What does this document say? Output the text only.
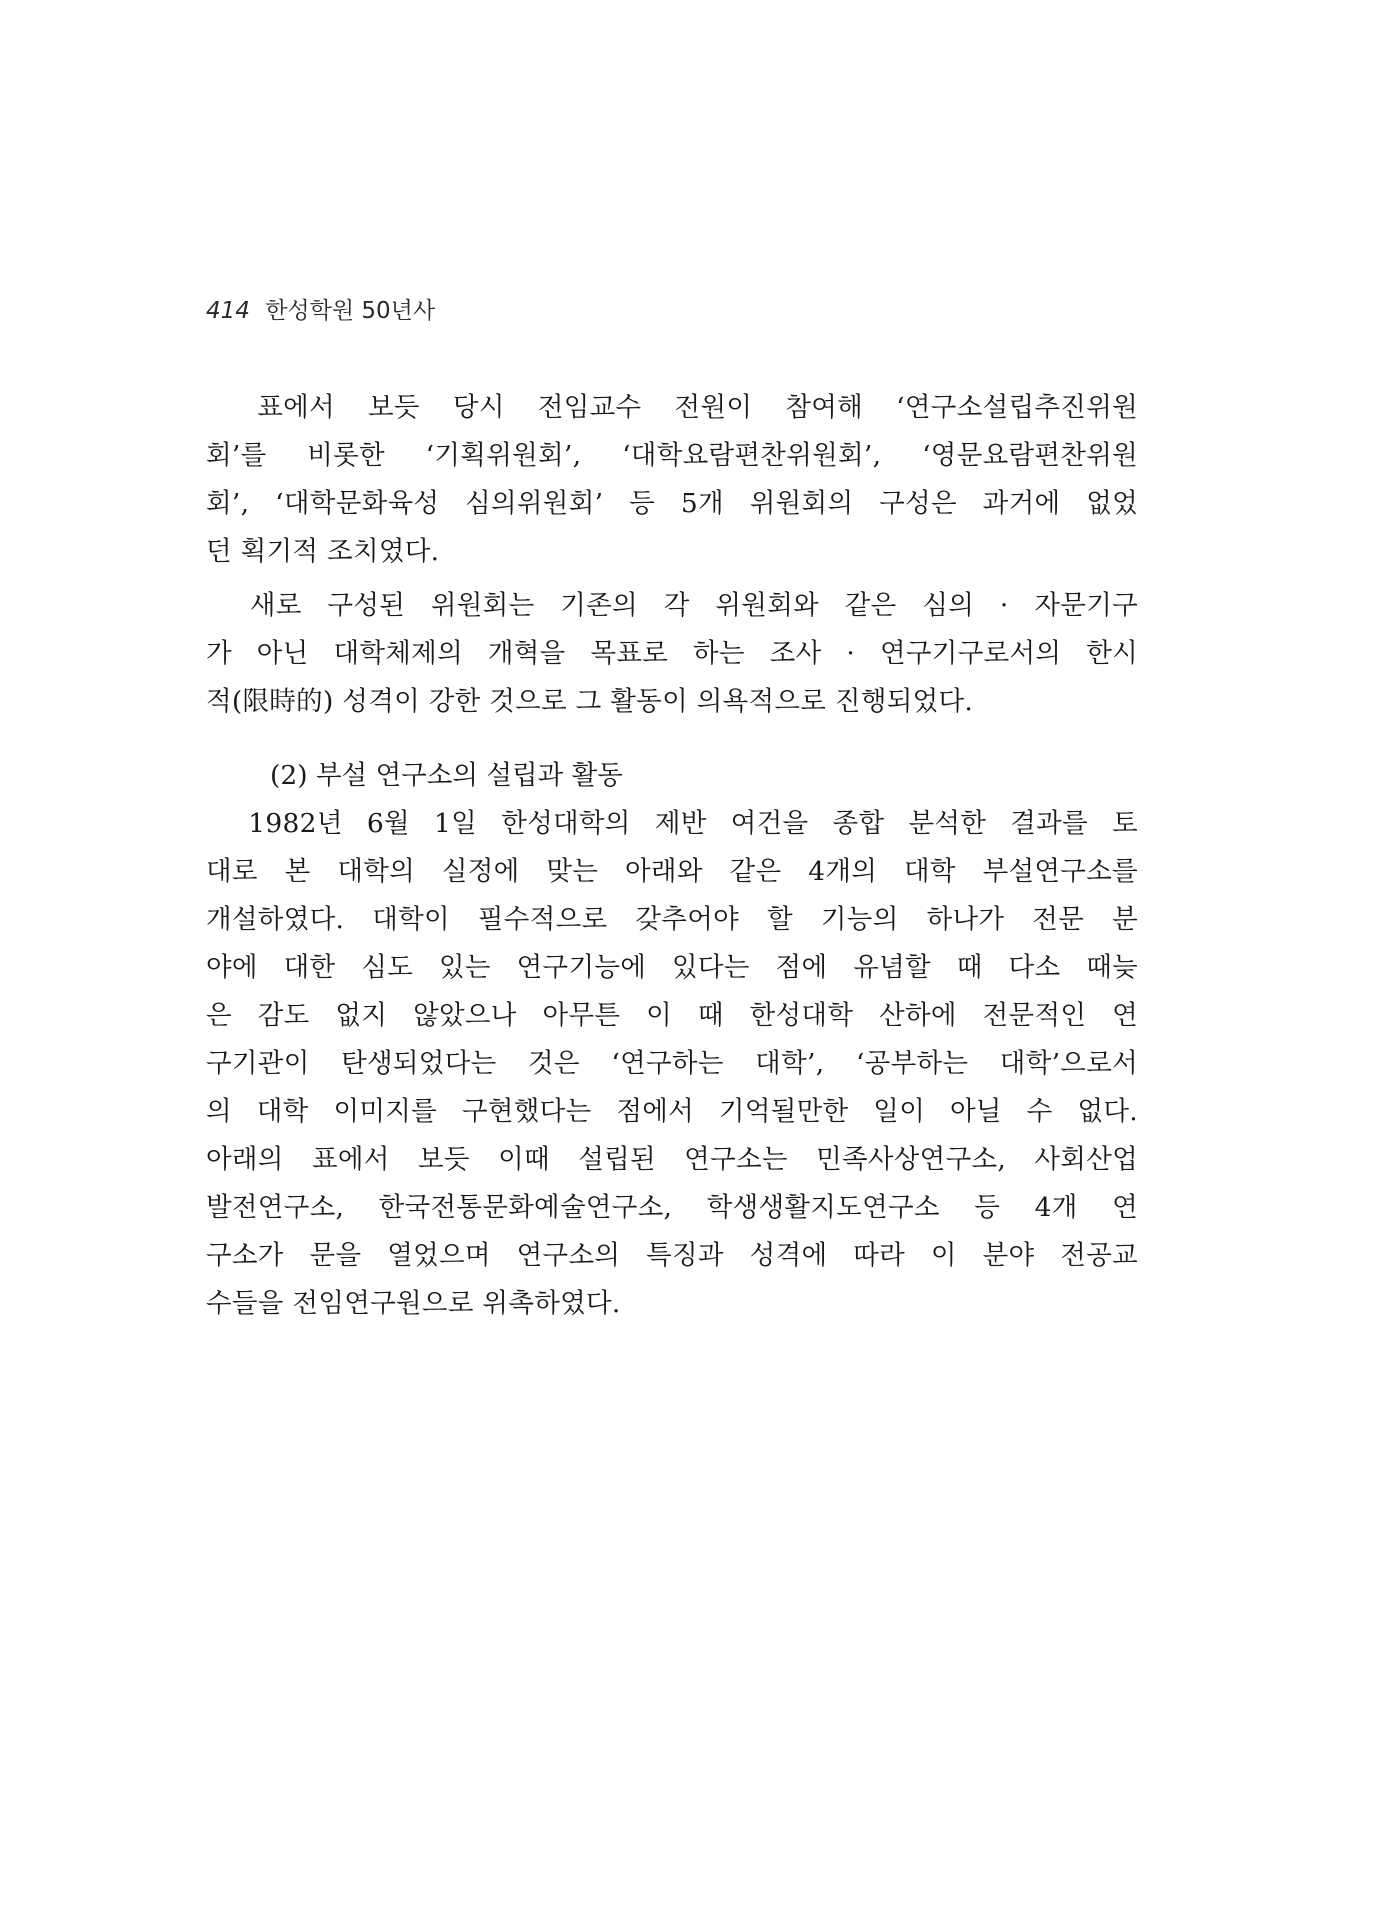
414 한성학원 50년사
　표에서 보듯 당시 전임교수 전원이 참여해 ‘연구소설립추진위원
회’를 비롯한 ‘기획위원회’, ‘대학요람편찬위원회’, ‘영문요람편찬위원
회’, ‘대학문화육성 심의위원회’ 등 5개 위원회의 구성은 과거에 없었
던 획기적 조치였다.
　새로 구성된 위원회는 기존의 각 위원회와 같은 심의 · 자문기구
가 아닌 대학체제의 개혁을 목표로 하는 조사 · 연구기구로서의 한시
적(限時的) 성격이 강한 것으로 그 활동이 의욕적으로 진행되었다.
(2) 부설 연구소의 설립과 활동
　1982년 6월 1일 한성대학의 제반 여건을 종합 분석한 결과를 토
대로 본 대학의 실정에 맞는 아래와 같은 4개의 대학 부설연구소를
개설하였다. 대학이 필수적으로 갖추어야 할 기능의 하나가 전문 분
야에 대한 심도 있는 연구기능에 있다는 점에 유념할 때 다소 때늦
은 감도 없지 않았으나 아무튼 이 때 한성대학 산하에 전문적인 연
구기관이 탄생되었다는 것은 ‘연구하는 대학’, ‘공부하는 대학’으로서
의 대학 이미지를 구현했다는 점에서 기억될만한 일이 아닐 수 없다.
아래의 표에서 보듯 이때 설립된 연구소는 민족사상연구소, 사회산업
발전연구소, 한국전통문화예술연구소, 학생생활지도연구소 등 4개 연
구소가 문을 열었으며 연구소의 특징과 성격에 따라 이 분야 전공교
수들을 전임연구원으로 위촉하였다.
